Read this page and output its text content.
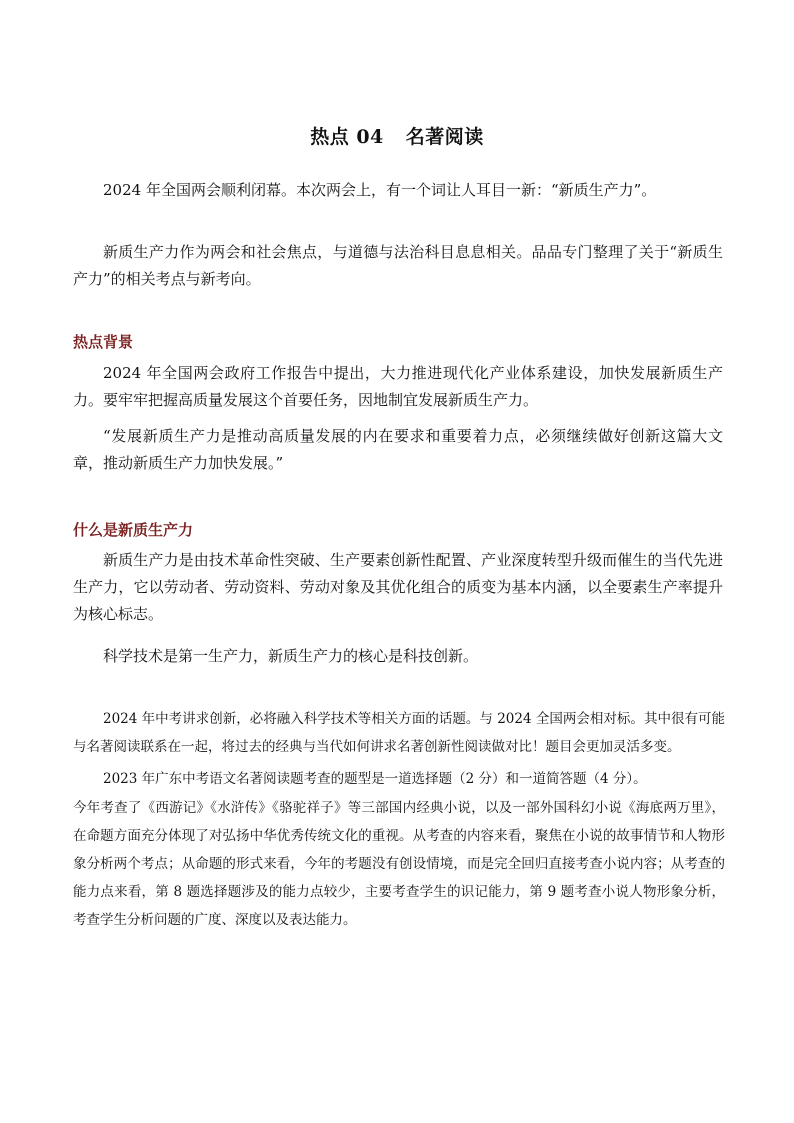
热点 04 名著阅读
2024 年全国两会顺利闭幕。本次两会上，有一个词让人耳目一新：“新质生产力”。
新质生产力作为两会和社会焦点，与道德与法治科目息息相关。品品专门整理了关于“新质生产力”的相关考点与新考向。
热点背景
2024 年全国两会政府工作报告中提出，大力推进现代化产业体系建设，加快发展新质生产力。要牢牢把握高质量发展这个首要任务，因地制宜发展新质生产力。
“发展新质生产力是推动高质量发展的内在要求和重要着力点，必须继续做好创新这篇大文章，推动新质生产力加快发展。”
什么是新质生产力
新质生产力是由技术革命性突破、生产要素创新性配置、产业深度转型升级而催生的当代先进生产力，它以劳动者、劳动资料、劳动对象及其优化组合的质变为基本内涵，以全要素生产率提升为核心标志。
科学技术是第一生产力，新质生产力的核心是科技创新。
2024 年中考讲求创新，必将融入科学技术等相关方面的话题。与 2024 全国两会相对标。其中很有可能与名著阅读联系在一起，将过去的经典与当代如何讲求名著创新性阅读做对比！题目会更加灵活多变。
2023 年广东中考语文名著阅读题考查的题型是一道选择题（2 分）和一道简答题（4 分）。
今年考查了《西游记》《水浒传》《骆驼祥子》等三部国内经典小说，以及一部外国科幻小说《海底两万里》，在命题方面充分体现了对弘扬中华优秀传统文化的重视。从考查的内容来看，聚焦在小说的故事情节和人物形象分析两个考点；从命题的形式来看，今年的考题没有创设情境，而是完全回归直接考查小说内容；从考查的能力点来看，第 8 题选择题涉及的能力点较少，主要考查学生的识记能力，第 9 题考查小说人物形象分析，考查学生分析问题的广度、深度以及表达能力。
